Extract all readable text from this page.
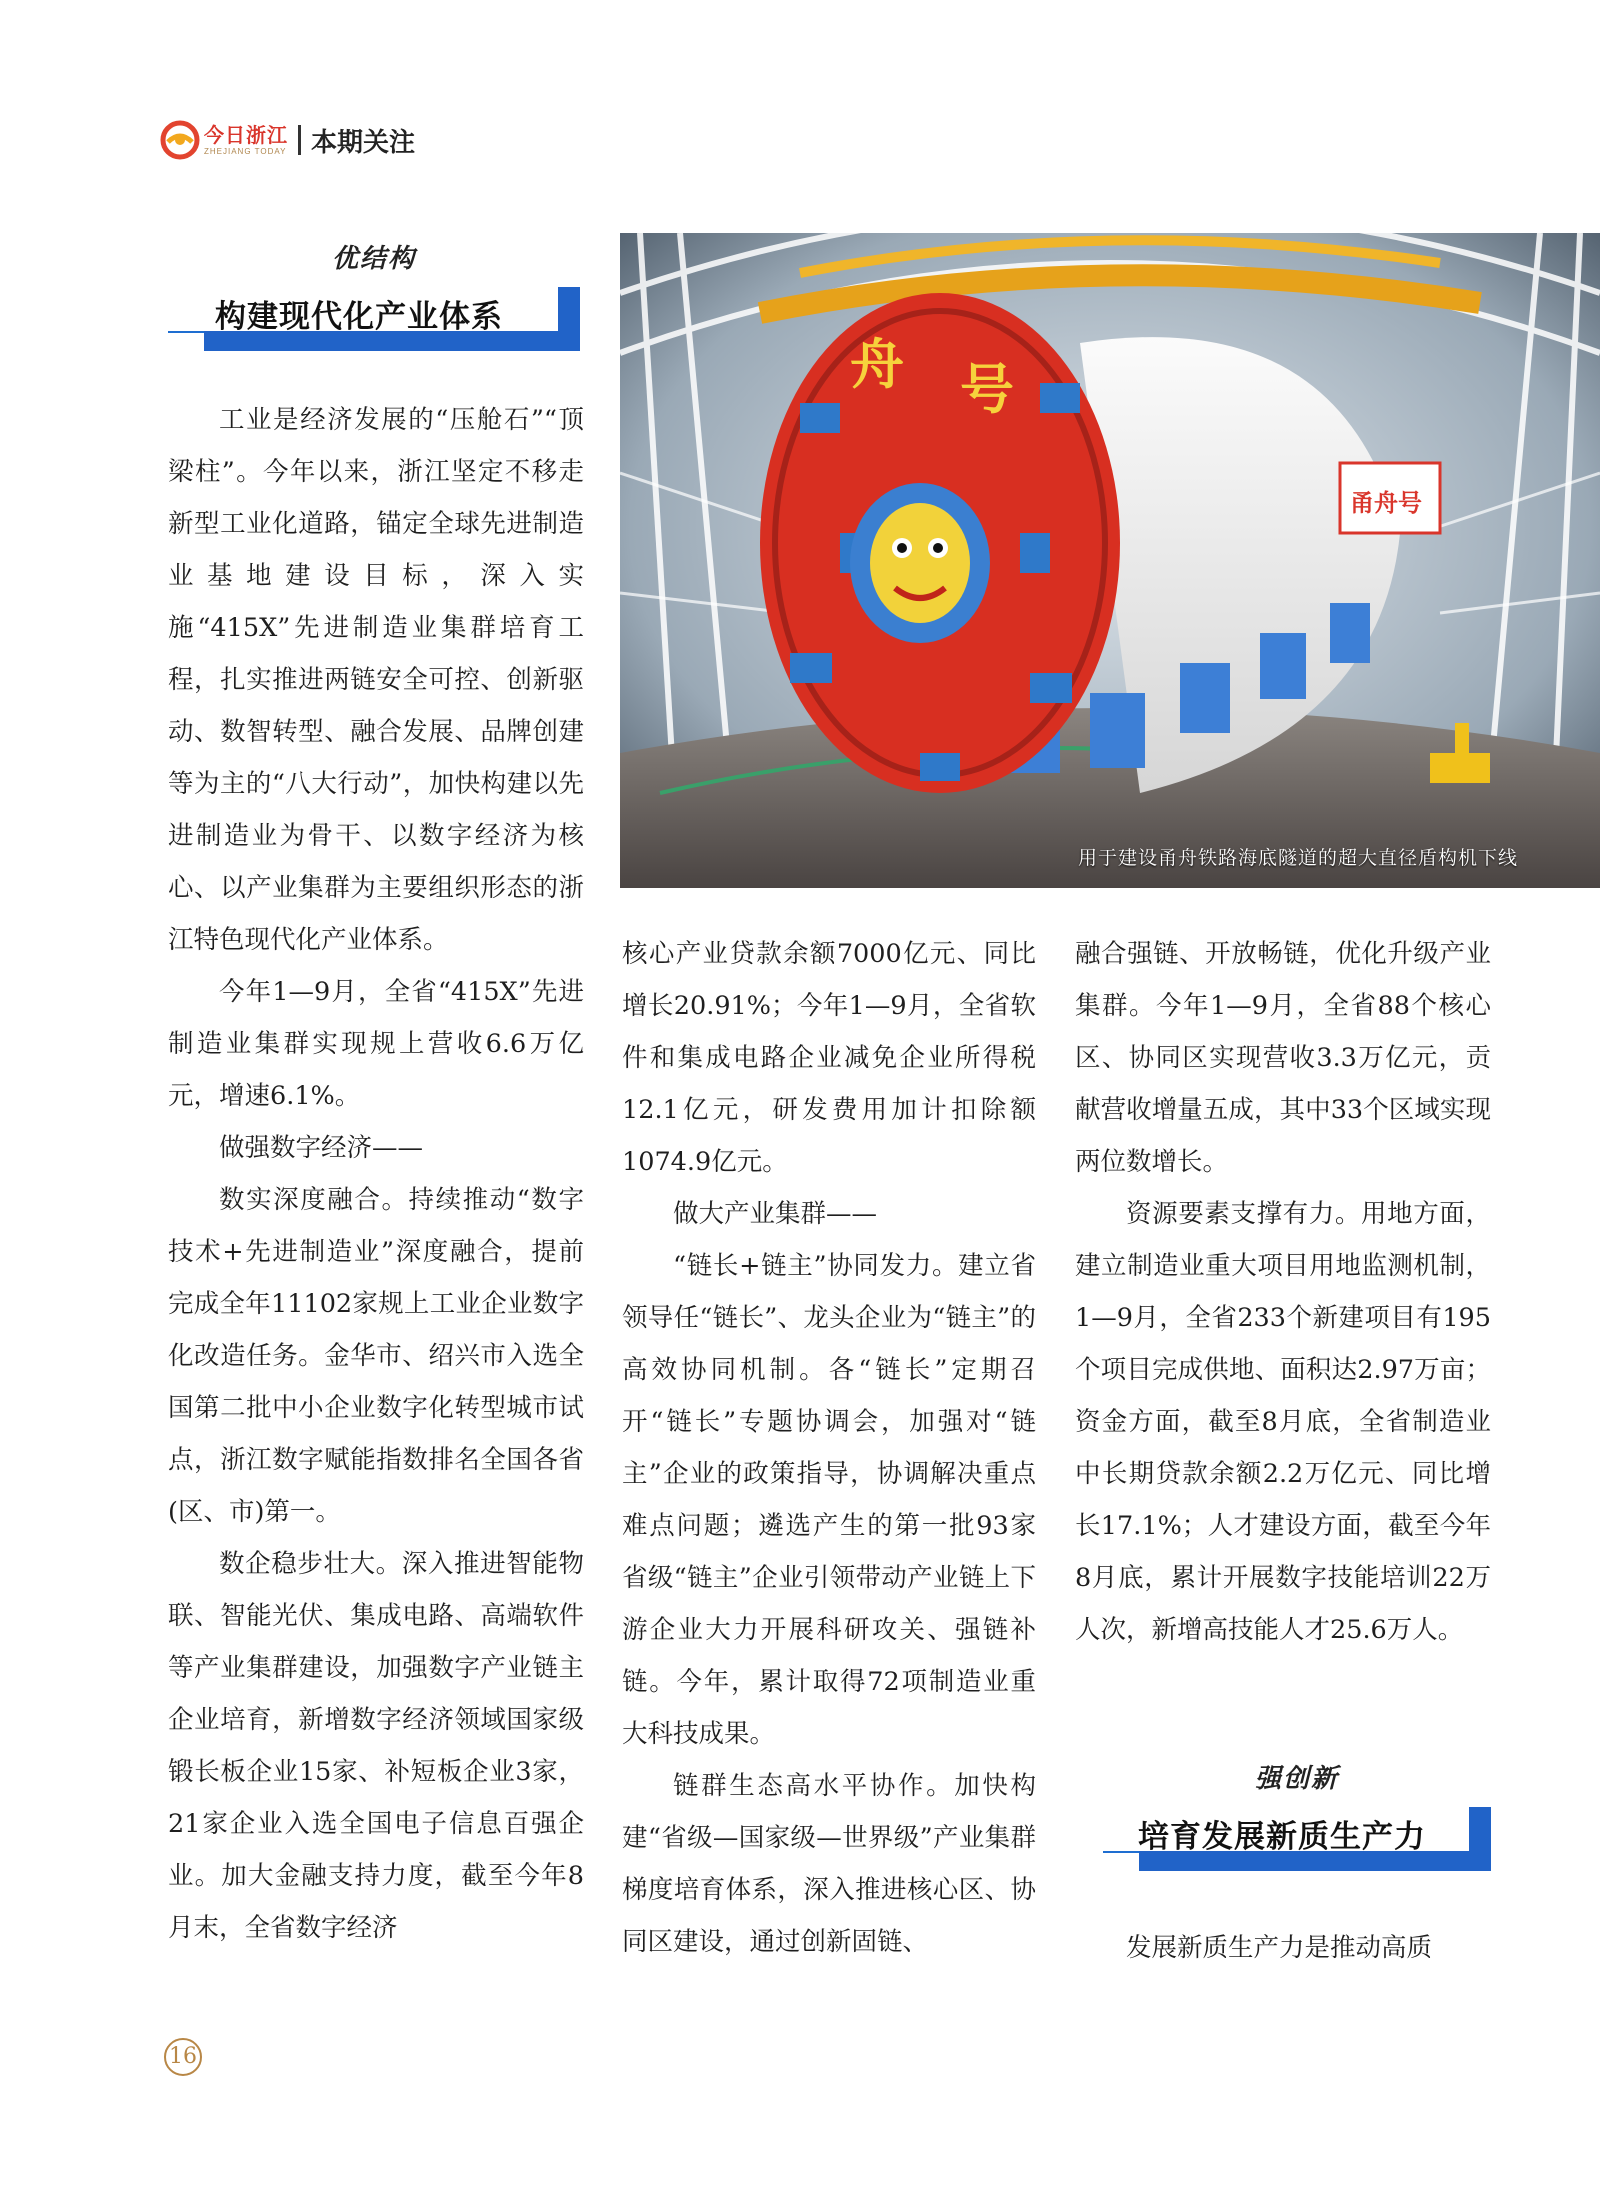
今日浙江
ZHEJIANG TODAY 本期关注
优结构
构建现代化产业体系
舟 号
甬舟号
用于建设甬舟铁路海底隧道的超大直径盾构机下线

工业是经济发展的“压舱石”“顶梁柱”。今年以来，浙江坚定不移走新型工业化道路，锚定全球先进制造业基地建设目标，深入实施“415X”先进制造业集群培育工程，扎实推进两链安全可控、创新驱动、数智转型、融合发展、品牌创建等为主的“八大行动”，加快构建以先进制造业为骨干、以数字经济为核心、以产业集群为主要组织形态的浙江特色现代化产业体系。

今年1—9月，全省“415X”先进制造业集群实现规上营收6.6万亿元，增速6.1%。

做强数字经济——

数实深度融合。持续推动“数字技术+先进制造业”深度融合，提前完成全年11102家规上工业企业数字化改造任务。金华市、绍兴市入选全国第二批中小企业数字化转型城市试点，浙江数字赋能指数排名全国各省(区、市)第一。

数企稳步壮大。深入推进智能物联、智能光伏、集成电路、高端软件等产业集群建设，加强数字产业链主企业培育，新增数字经济领域国家级锻长板企业15家、补短板企业3家，21家企业入选全国电子信息百强企业。加大金融支持力度，截至今年8月末，全省数字经济

核心产业贷款余额7000亿元、同比增长20.91%；今年1—9月，全省软件和集成电路企业减免企业所得税12.1亿元，研发费用加计扣除额1074.9亿元。

做大产业集群——

“链长+链主”协同发力。建立省领导任“链长”、龙头企业为“链主”的高效协同机制。各“链长”定期召开“链长”专题协调会，加强对“链主”企业的政策指导，协调解决重点难点问题；遴选产生的第一批93家省级“链主”企业引领带动产业链上下游企业大力开展科研攻关、强链补链。今年，累计取得72项制造业重大科技成果。

链群生态高水平协作。加快构建“省级—国家级—世界级”产业集群梯度培育体系，深入推进核心区、协同区建设，通过创新固链、

融合强链、开放畅链，优化升级产业集群。今年1—9月，全省88个核心区、协同区实现营收3.3万亿元，贡献营收增量五成，其中33个区域实现两位数增长。

资源要素支撑有力。用地方面，建立制造业重大项目用地监测机制，1—9月，全省233个新建项目有195个项目完成供地、面积达2.97万亩；资金方面，截至8月底，全省制造业中长期贷款余额2.2万亿元、同比增长17.1%；人才建设方面，截至今年8月底，累计开展数字技能培训22万人次，新增高技能人才25.6万人。

强创新
培育发展新质生产力

发展新质生产力是推动高质

16
